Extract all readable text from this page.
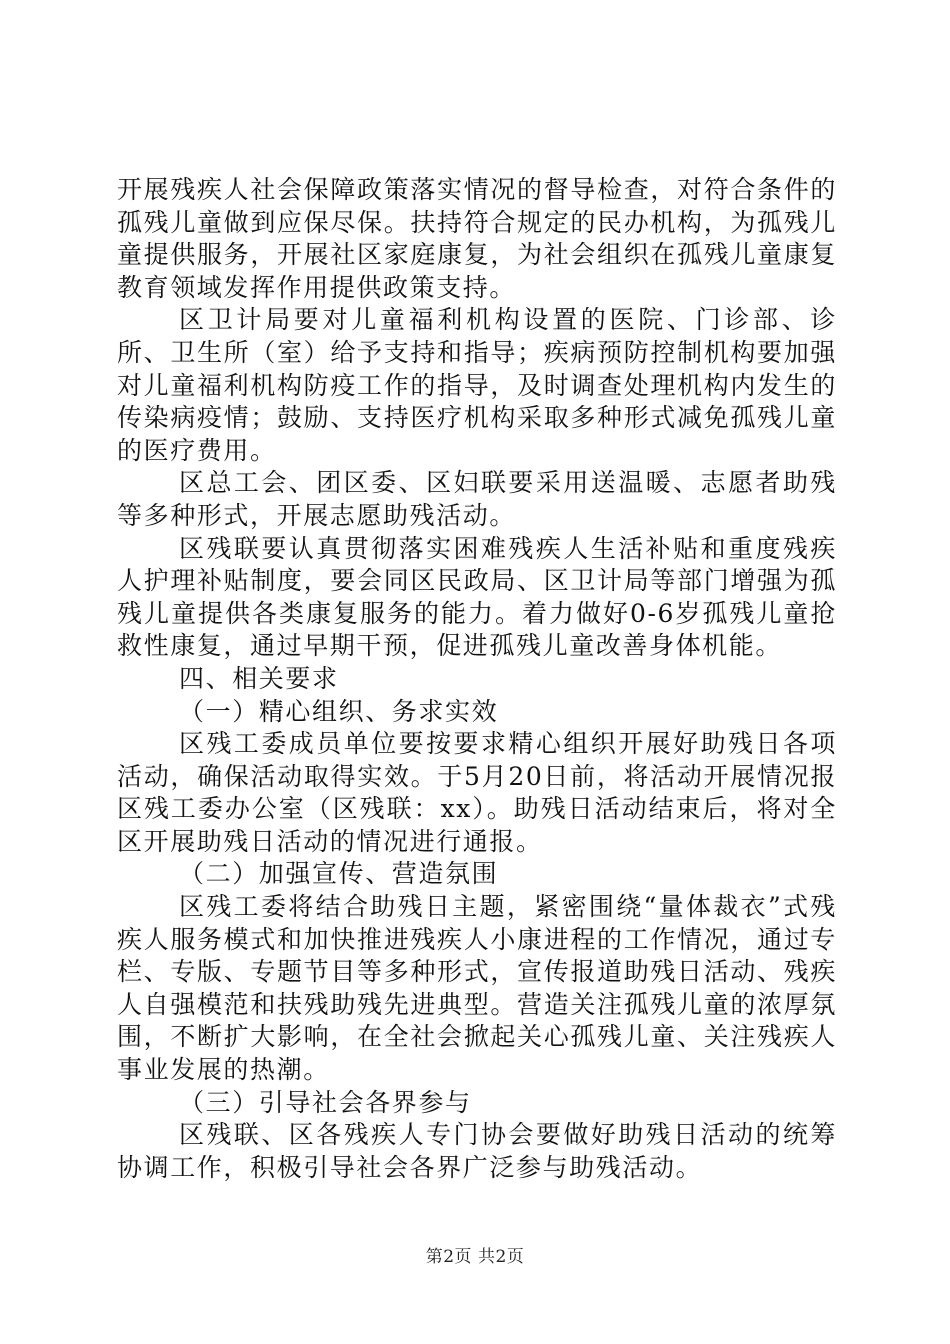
开展残疾人社会保障政策落实情况的督导检查，对符合条件的孤残儿童做到应保尽保。扶持符合规定的民办机构，为孤残儿童提供服务，开展社区家庭康复，为社会组织在孤残儿童康复教育领域发挥作用提供政策支持。

区卫计局要对儿童福利机构设置的医院、门诊部、诊所、卫生所（室）给予支持和指导；疾病预防控制机构要加强对儿童福利机构防疫工作的指导，及时调查处理机构内发生的传染病疫情；鼓励、支持医疗机构采取多种形式减免孤残儿童的医疗费用。

区总工会、团区委、区妇联要采用送温暖、志愿者助残等多种形式，开展志愿助残活动。

区残联要认真贯彻落实困难残疾人生活补贴和重度残疾人护理补贴制度，要会同区民政局、区卫计局等部门增强为孤残儿童提供各类康复服务的能力。着力做好0-6岁孤残儿童抢救性康复，通过早期干预，促进孤残儿童改善身体机能。

四、相关要求

（一）精心组织、务求实效

区残工委成员单位要按要求精心组织开展好助残日各项活动，确保活动取得实效。于5月20日前，将活动开展情况报区残工委办公室（区残联：xx）。助残日活动结束后，将对全区开展助残日活动的情况进行通报。

（二）加强宣传、营造氛围

区残工委将结合助残日主题，紧密围绕“量体裁衣”式残疾人服务模式和加快推进残疾人小康进程的工作情况，通过专栏、专版、专题节目等多种形式，宣传报道助残日活动、残疾人自强模范和扶残助残先进典型。营造关注孤残儿童的浓厚氛围，不断扩大影响，在全社会掀起关心孤残儿童、关注残疾人事业发展的热潮。

（三）引导社会各界参与

区残联、区各残疾人专门协会要做好助残日活动的统筹协调工作，积极引导社会各界广泛参与助残活动。

第2页 共2页
